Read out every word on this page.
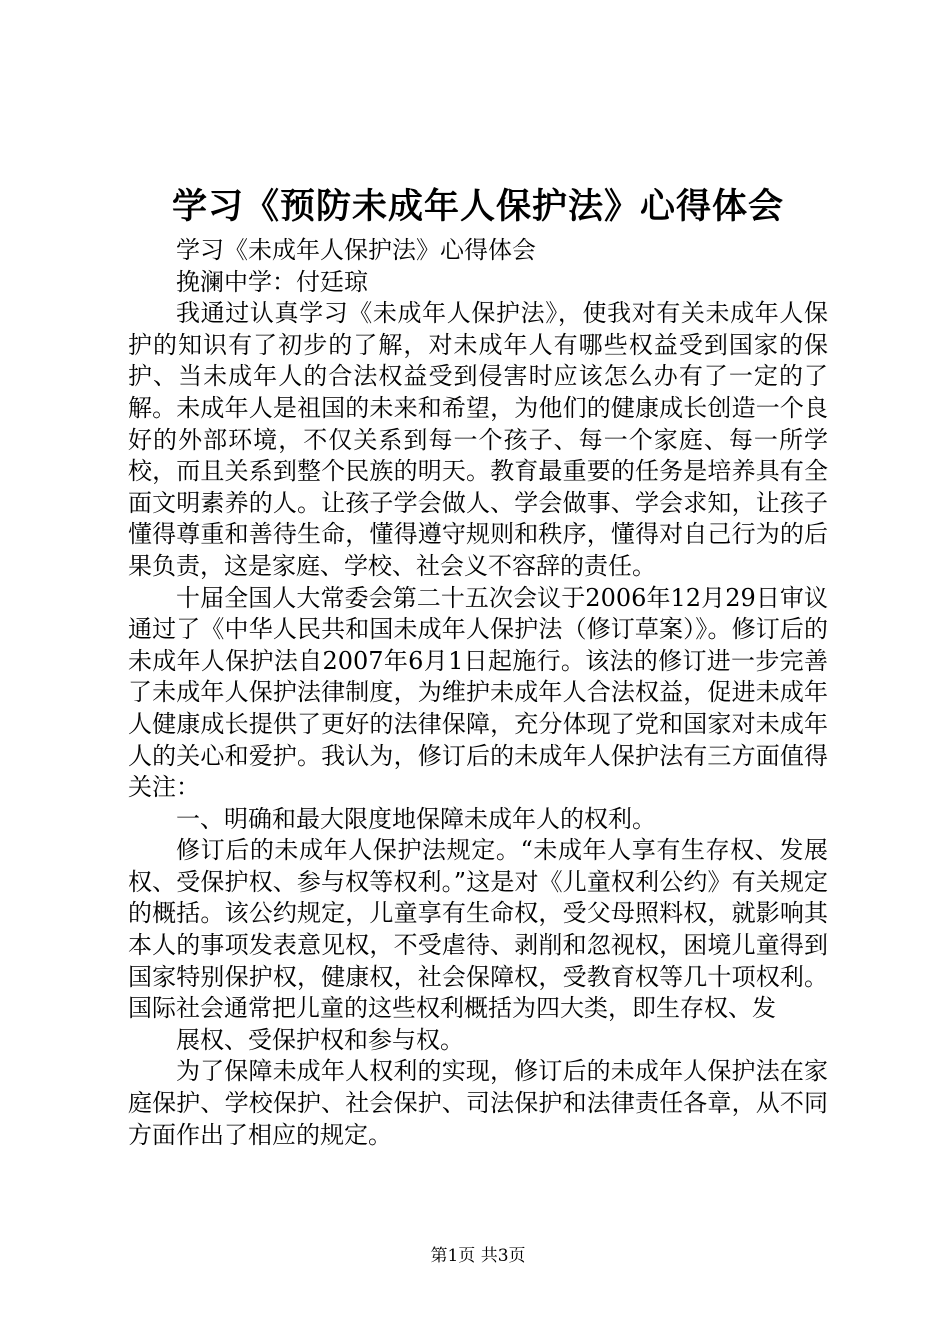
学习《预防未成年人保护法》心得体会

学习《未成年人保护法》心得体会

挽澜中学：付廷琼

我通过认真学习《未成年人保护法》，使我对有关未成年人保护的知识有了初步的了解，对未成年人有哪些权益受到国家的保护、当未成年人的合法权益受到侵害时应该怎么办有了一定的了解。未成年人是祖国的未来和希望，为他们的健康成长创造一个良好的外部环境，不仅关系到每一个孩子、每一个家庭、每一所学校，而且关系到整个民族的明天。教育最重要的任务是培养具有全面文明素养的人。让孩子学会做人、学会做事、学会求知，让孩子懂得尊重和善待生命，懂得遵守规则和秩序，懂得对自己行为的后果负责，这是家庭、学校、社会义不容辞的责任。

十届全国人大常委会第二十五次会议于2006年12月29日审议通过了《中华人民共和国未成年人保护法（修订草案）》。修订后的未成年人保护法自2007年6月1日起施行。该法的修订进一步完善了未成年人保护法律制度，为维护未成年人合法权益，促进未成年人健康成长提供了更好的法律保障，充分体现了党和国家对未成年人的关心和爱护。我认为，修订后的未成年人保护法有三方面值得关注：

一、明确和最大限度地保障未成年人的权利。

修订后的未成年人保护法规定。“未成年人享有生存权、发展权、受保护权、参与权等权利。”这是对《儿童权利公约》有关规定的概括。该公约规定，儿童享有生命权，受父母照料权，就影响其本人的事项发表意见权，不受虐待、剥削和忽视权，困境儿童得到国家特别保护权，健康权，社会保障权，受教育权等几十项权利。国际社会通常把儿童的这些权利概括为四大类，即生存权、发

展权、受保护权和参与权。

为了保障未成年人权利的实现，修订后的未成年人保护法在家庭保护、学校保护、社会保护、司法保护和法律责任各章，从不同方面作出了相应的规定。

第1页 共3页
